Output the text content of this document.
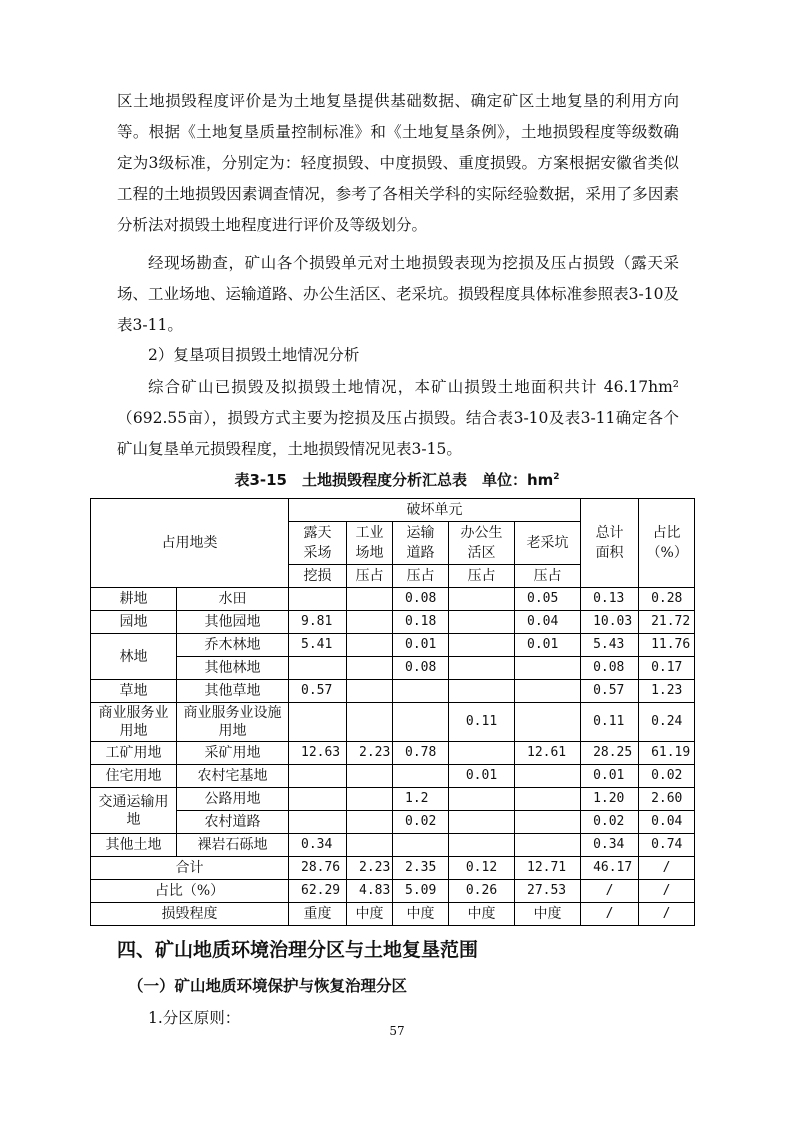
区土地损毁程度评价是为土地复垦提供基础数据、确定矿区土地复垦的利用方向等。根据《土地复垦质量控制标准》和《土地复垦条例》，土地损毁程度等级数确定为3级标准，分别定为：轻度损毁、中度损毁、重度损毁。方案根据安徽省类似工程的土地损毁因素调查情况，参考了各相关学科的实际经验数据，采用了多因素分析法对损毁土地程度进行评价及等级划分。

经现场勘查，矿山各个损毁单元对土地损毁表现为挖损及压占损毁（露天采场、工业场地、运输道路、办公生活区、老采坑。损毁程度具体标准参照表3-10及表3-11。

2）复垦项目损毁土地情况分析

综合矿山已损毁及拟损毁土地情况，本矿山损毁土地面积共计 46.17hm²（692.55亩），损毁方式主要为挖损及压占损毁。结合表3-10及表3-11确定各个矿山复垦单元损毁程度，土地损毁情况见表3-15。

表3-15　土地损毁程度分析汇总表　单位：$hm^2$

占用地类		破坏单元					总计面积	占比（%）
		露天采场	工业场地	运输道路	办公生活区	老采坑		
		挖损	压占	压占	压占	压占		
耕地	水田			0.08		0.05	0.13	0.28
园地	其他园地	9.81		0.18		0.04	10.03	21.72
林地	乔木林地	5.41		0.01		0.01	5.43	11.76
	其他林地			0.08			0.08	0.17
草地	其他草地	0.57					0.57	1.23
商业服务业用地	商业服务业设施用地				0.11		0.11	0.24
工矿用地	采矿用地	12.63	2.23	0.78		12.61	28.25	61.19
住宅用地	农村宅基地				0.01		0.01	0.02
交通运输用地	公路用地			1.2			1.20	2.60
	农村道路			0.02			0.02	0.04
其他土地	裸岩石砾地	0.34					0.34	0.74
合计		28.76	2.23	2.35	0.12	12.71	46.17	/
占比（%）		62.29	4.83	5.09	0.26	27.53	/	/
损毁程度		重度	中度	中度	中度	中度	/	/
四、矿山地质环境治理分区与土地复垦范围
（一）矿山地质环境保护与恢复治理分区

1.分区原则：

57
